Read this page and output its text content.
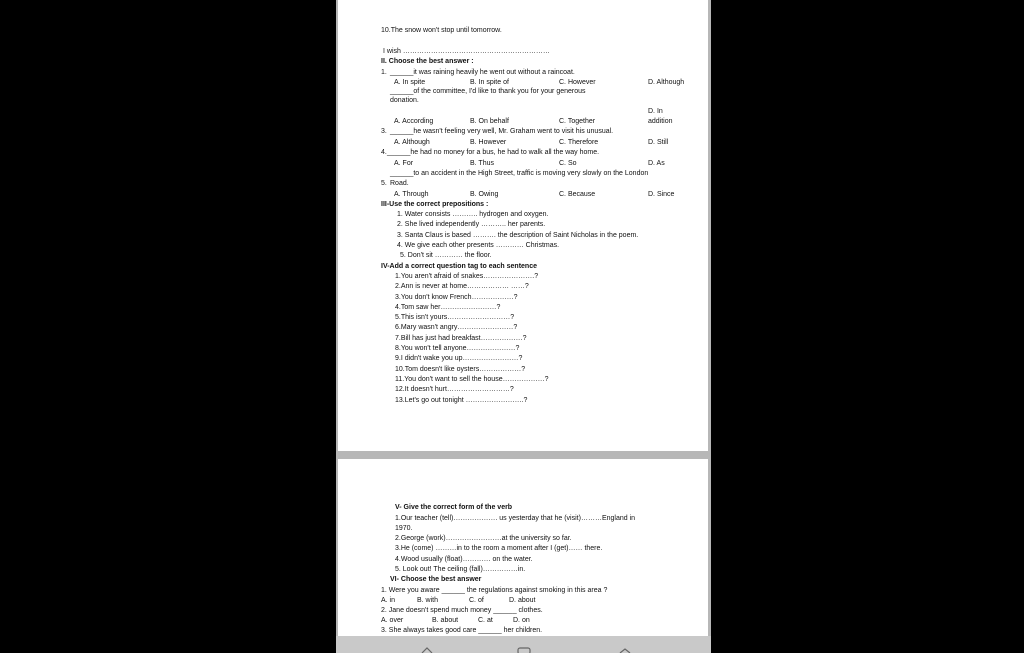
10.The snow won't stop until tomorrow.
I wish ………………………………………………………
II. Choose the best answer :
1. ______it was raining heavily he went out without a raincoat.
A. In spite	B. In spite of	C. However	D. Although
______of the committee, I'd like to thank you for your generous
donation.
A. According	B. On behalf	C. Together
D. In addition
3. ______he wasn't feeling very well, Mr. Graham went to visit his unusual.
A. Although	B. However	C. Therefore	D. Still
4. ______he had no money for a bus, he had to walk all the way home.
A. For	B. Thus	C. So	D. As
______to an accident in the High Street, traffic is moving very slowly on the London
5. Road.
A. Through	B. Owing	C. Because	D. Since
III-Use the correct prepositions :
1. Water consists ……….. hydrogen and oxygen.
2. She lived independently ……….. her parents.
3. Santa Claus is based ………. the description of Saint Nicholas in the poem.
4. We give each other presents ………… Christmas.
5. Don't sit ………… the floor.
IV-Add a correct question tag to each sentence
1.You aren't afraid of snakes………………….?
2.Ann is never at home……………… ……?
3.You don't know French………………?
4.Tom saw her……………………?
5.This isn't yours………………………?
6.Mary wasn't angry……………………?
7.Bill has just had breakfast………………?
8.You won't tell anyone…………………?
9.I didn't wake you up……………………?
10.Tom doesn't like oysters………………?
11.You don't want to sell the house………………?
12.It doesn't hurt………………………?
13.Let's go out tonight …………………….?
V- Give the correct form of the verb
1.Our teacher (tell)………………. us yesterday that he (visit)………England in
1970.
2.George (work)……………………at the university so far.
3.He (come) ………in to the room a moment after I (get)…… there.
4.Wood usually (float)………… on the water.
5. Look out! The ceiling (fall)……………in.
VI- Choose the best answer
1. Were you aware ______ the regulations against smoking in this area ?
A. in	B. with	C. of	D. about
2. Jane doesn't spend much money ______ clothes.
A. over	B. about	C. at	D. on
3. She always takes good care ______ her children.
